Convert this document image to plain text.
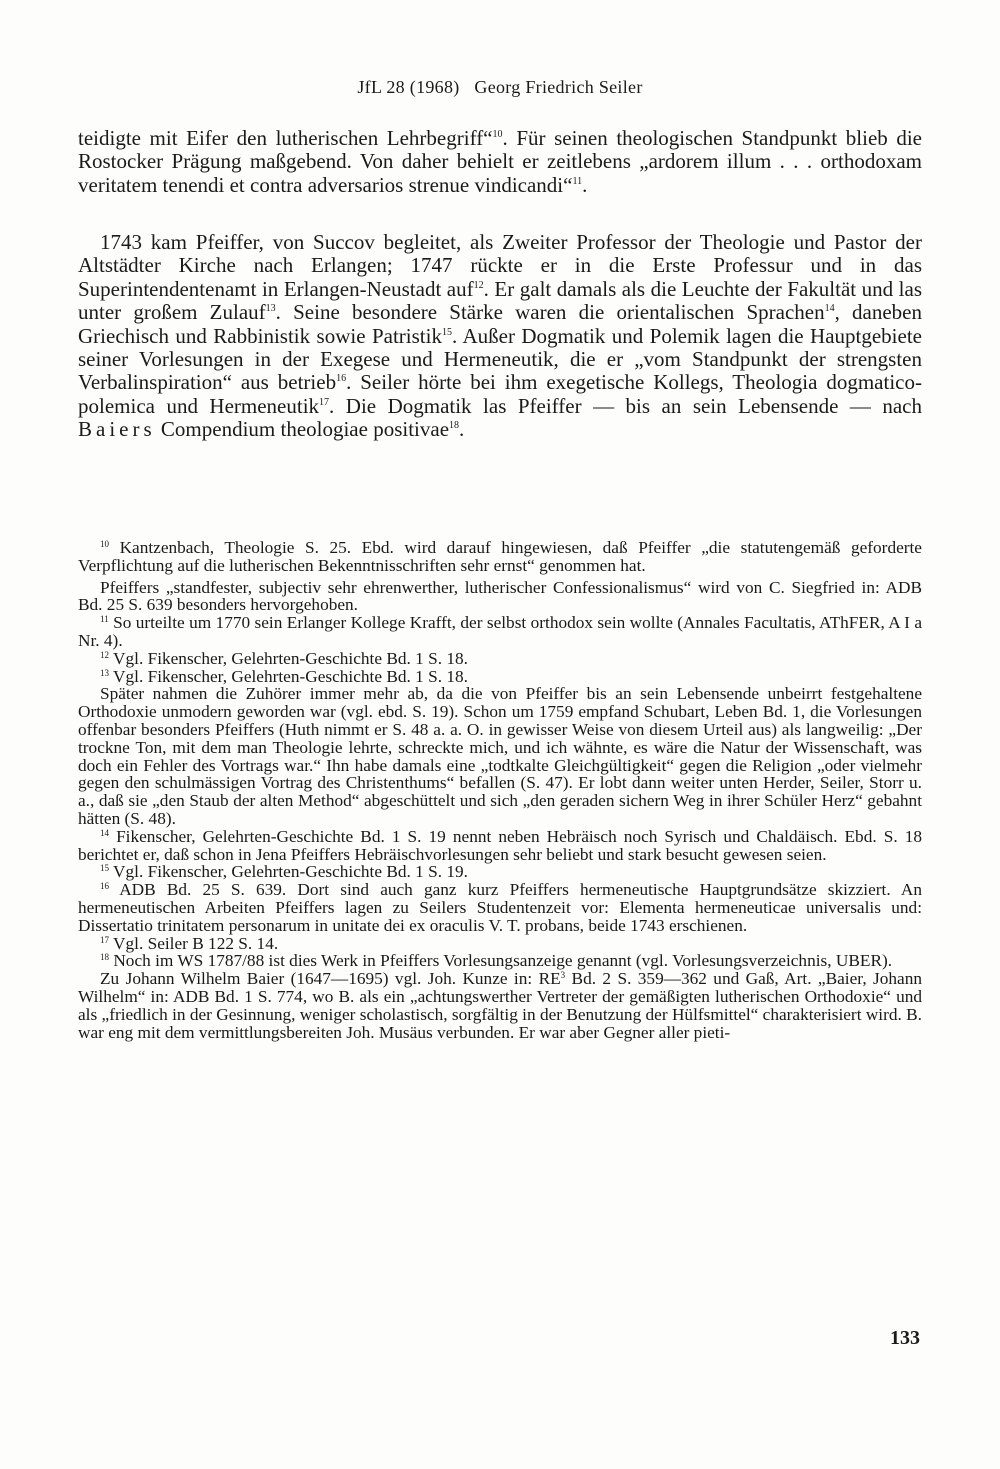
JfL 28 (1968) Georg Friedrich Seiler

teidigte mit Eifer den lutherischen Lehrbegriff“$^{10}$. Für seinen theologischen Standpunkt blieb die Rostocker Prägung maßgebend. Von daher behielt er zeitlebens „ardorem illum . . . orthodoxam veritatem tenendi et contra adversarios strenue vindicandi“$^{11}$.

1743 kam Pfeiffer, von Succov begleitet, als Zweiter Professor der Theologie und Pastor der Altstädter Kirche nach Erlangen; 1747 rückte er in die Erste Professur und in das Superintendentenamt in Erlangen-Neustadt auf$^{12}$. Er galt damals als die Leuchte der Fakultät und las unter großem Zulauf$^{13}$. Seine besondere Stärke waren die orientalischen Sprachen$^{14}$, daneben Griechisch und Rabbinistik sowie Patristik$^{15}$. Außer Dogmatik und Polemik lagen die Hauptgebiete seiner Vorlesungen in der Exegese und Hermeneutik, die er „vom Standpunkt der strengsten Verbalinspiration“ aus betrieb$^{16}$. Seiler hörte bei ihm exegetische Kollegs, Theologia dogmatico-polemica und Hermeneutik$^{17}$. Die Dogmatik las Pfeiffer — bis an sein Lebensende — nach Baiers Compendium theologiae positivae$^{18}$.

$^{10}$ Kantzenbach, Theologie S. 25. Ebd. wird darauf hingewiesen, daß Pfeiffer „die statutengemäß geforderte Verpflichtung auf die lutherischen Bekenntnisschriften sehr ernst“ genommen hat.

Pfeiffers „standfester, subjectiv sehr ehrenwerther, lutherischer Confessionalismus“ wird von C. Siegfried in: ADB Bd. 25 S. 639 besonders hervorgehoben.

$^{11}$ So urteilte um 1770 sein Erlanger Kollege Krafft, der selbst orthodox sein wollte (Annales Facultatis, AThFER, A I a Nr. 4).

$^{12}$ Vgl. Fikenscher, Gelehrten-Geschichte Bd. 1 S. 18.

$^{13}$ Vgl. Fikenscher, Gelehrten-Geschichte Bd. 1 S. 18.

Später nahmen die Zuhörer immer mehr ab, da die von Pfeiffer bis an sein Lebensende unbeirrt festgehaltene Orthodoxie unmodern geworden war (vgl. ebd. S. 19). Schon um 1759 empfand Schubart, Leben Bd. 1, die Vorlesungen offenbar besonders Pfeiffers (Huth nimmt er S. 48 a. a. O. in gewisser Weise von diesem Urteil aus) als langweilig: „Der trockne Ton, mit dem man Theologie lehrte, schreckte mich, und ich wähnte, es wäre die Natur der Wissenschaft, was doch ein Fehler des Vortrags war.“ Ihn habe damals eine „todtkalte Gleichgültigkeit“ gegen die Religion „oder vielmehr gegen den schulmässigen Vortrag des Christenthums“ befallen (S. 47). Er lobt dann weiter unten Herder, Seiler, Storr u. a., daß sie „den Staub der alten Method“ abgeschüttelt und sich „den geraden sichern Weg in ihrer Schüler Herz“ gebahnt hätten (S. 48).

$^{14}$ Fikenscher, Gelehrten-Geschichte Bd. 1 S. 19 nennt neben Hebräisch noch Syrisch und Chaldäisch. Ebd. S. 18 berichtet er, daß schon in Jena Pfeiffers Hebräischvorlesungen sehr beliebt und stark besucht gewesen seien.

$^{15}$ Vgl. Fikenscher, Gelehrten-Geschichte Bd. 1 S. 19.

$^{16}$ ADB Bd. 25 S. 639. Dort sind auch ganz kurz Pfeiffers hermeneutische Hauptgrundsätze skizziert. An hermeneutischen Arbeiten Pfeiffers lagen zu Seilers Studentenzeit vor: Elementa hermeneuticae universalis und: Dissertatio trinitatem personarum in unitate dei ex oraculis V. T. probans, beide 1743 erschienen.

$^{17}$ Vgl. Seiler B 122 S. 14.

$^{18}$ Noch im WS 1787/88 ist dies Werk in Pfeiffers Vorlesungsanzeige genannt (vgl. Vorlesungsverzeichnis, UBER).

Zu Johann Wilhelm Baier (1647—1695) vgl. Joh. Kunze in: $RE^3$ Bd. 2 S. 359—362 und Gaß, Art. „Baier, Johann Wilhelm“ in: ADB Bd. 1 S. 774, wo B. als ein „achtungswerther Vertreter der gemäßigten lutherischen Orthodoxie“ und als „friedlich in der Gesinnung, weniger scholastisch, sorgfältig in der Benutzung der Hülfsmittel“ charakterisiert wird. B. war eng mit dem vermittlungsbereiten Joh. Musäus verbunden. Er war aber Gegner aller pieti-

133
